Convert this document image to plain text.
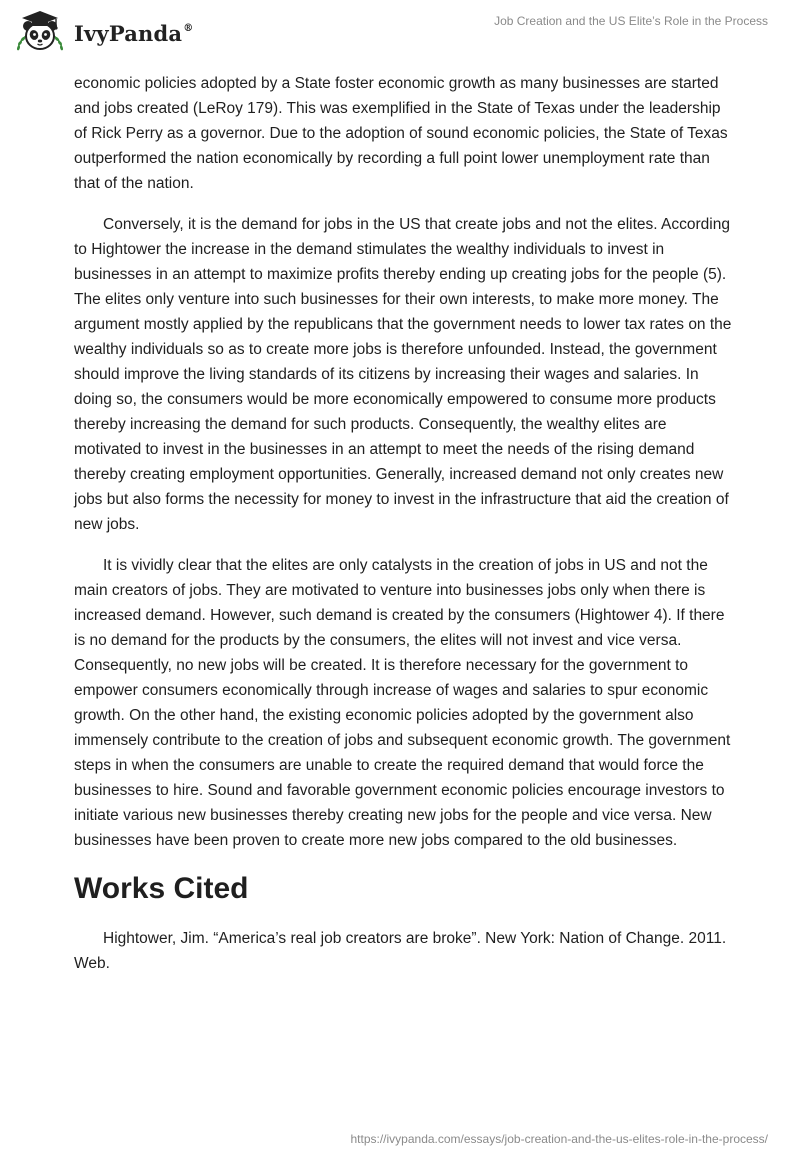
IvyPanda®	Job Creation and the US Elite’s Role in the Process

economic policies adopted by a State foster economic growth as many businesses are started and jobs created (LeRoy 179). This was exemplified in the State of Texas under the leadership of Rick Perry as a governor. Due to the adoption of sound economic policies, the State of Texas outperformed the nation economically by recording a full point lower unemployment rate than that of the nation.

Conversely, it is the demand for jobs in the US that create jobs and not the elites. According to Hightower the increase in the demand stimulates the wealthy individuals to invest in businesses in an attempt to maximize profits thereby ending up creating jobs for the people (5). The elites only venture into such businesses for their own interests, to make more money. The argument mostly applied by the republicans that the government needs to lower tax rates on the wealthy individuals so as to create more jobs is therefore unfounded. Instead, the government should improve the living standards of its citizens by increasing their wages and salaries. In doing so, the consumers would be more economically empowered to consume more products thereby increasing the demand for such products. Consequently, the wealthy elites are motivated to invest in the businesses in an attempt to meet the needs of the rising demand thereby creating employment opportunities. Generally, increased demand not only creates new jobs but also forms the necessity for money to invest in the infrastructure that aid the creation of new jobs.

It is vividly clear that the elites are only catalysts in the creation of jobs in US and not the main creators of jobs. They are motivated to venture into businesses jobs only when there is increased demand. However, such demand is created by the consumers (Hightower 4). If there is no demand for the products by the consumers, the elites will not invest and vice versa. Consequently, no new jobs will be created. It is therefore necessary for the government to empower consumers economically through increase of wages and salaries to spur economic growth. On the other hand, the existing economic policies adopted by the government also immensely contribute to the creation of jobs and subsequent economic growth. The government steps in when the consumers are unable to create the required demand that would force the businesses to hire. Sound and favorable government economic policies encourage investors to initiate various new businesses thereby creating new jobs for the people and vice versa. New businesses have been proven to create more new jobs compared to the old businesses.

Works Cited

Hightower, Jim. “America’s real job creators are broke”. New York: Nation of Change. 2011. Web.

https://ivypanda.com/essays/job-creation-and-the-us-elites-role-in-the-process/
